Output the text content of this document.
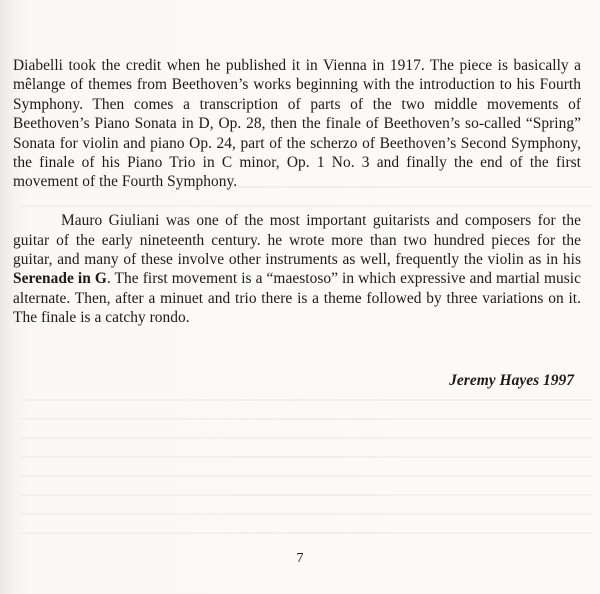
Diabelli took the credit when he published it in Vienna in 1917. The piece is basically a mêlange of themes from Beethoven’s works beginning with the introduction to his Fourth Symphony. Then comes a transcription of parts of the two middle movements of Beethoven’s Piano Sonata in D, Op. 28, then the finale of Beethoven’s so-called “Spring” Sonata for violin and piano Op. 24, part of the scherzo of Beethoven’s Second Symphony, the finale of his Piano Trio in C minor, Op. 1 No. 3 and finally the end of the first movement of the Fourth Symphony.

Mauro Giuliani was one of the most important guitarists and composers for the guitar of the early nineteenth century. he wrote more than two hundred pieces for the guitar, and many of these involve other instruments as well, frequently the violin as in his Serenade in G. The first movement is a “maestoso” in which expressive and martial music alternate. Then, after a minuet and trio there is a theme followed by three variations on it. The finale is a catchy rondo.

Jeremy Hayes 1997
7
